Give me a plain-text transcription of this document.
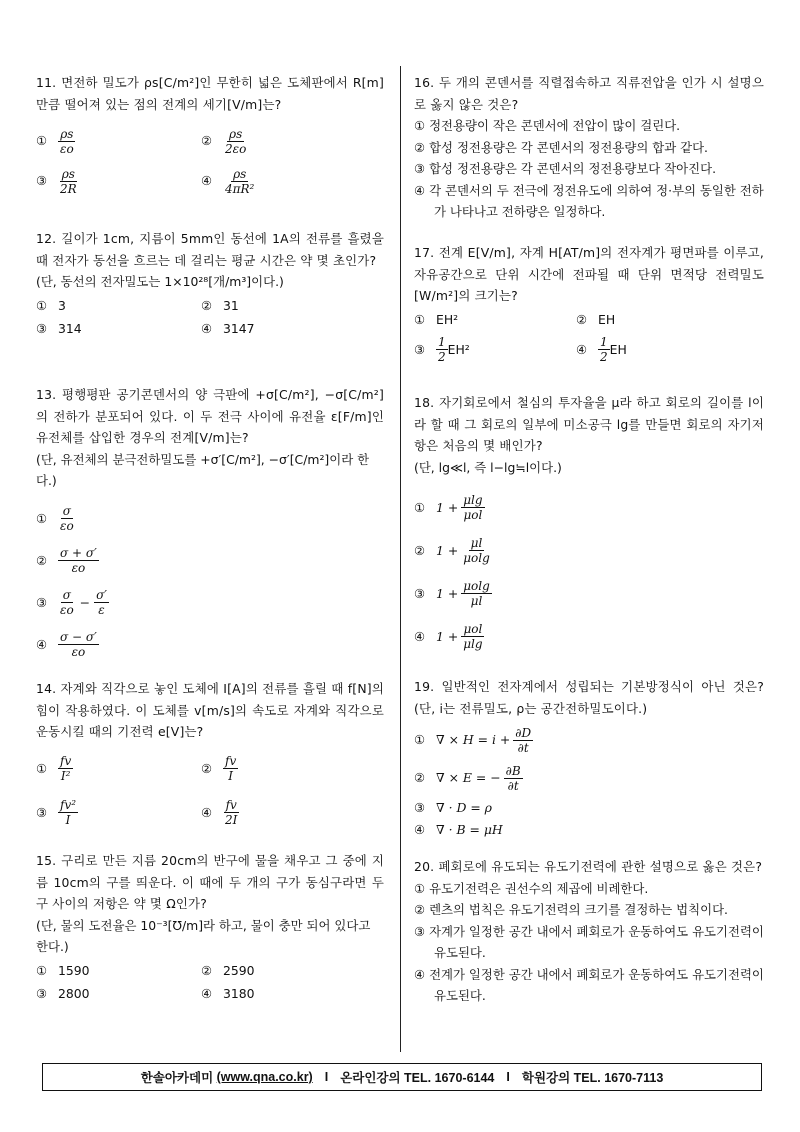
11. 면전하 밀도가 ρs[C/m²]인 무한히 넓은 도체판에서 R[m] 만큼 떨어져 있는 점의 전계의 세기[V/m]는?
① $\frac{\rho s}{\varepsilon o}$	② $\frac{\rho s}{2\varepsilon o}$
③ $\frac{\rho s}{2R}$	④ $\frac{\rho s}{\text{4πR²}}$
12. 길이가 1cm, 지름이 5mm인 동선에 1A의 전류를 흘렸을 때 전자가 동선을 흐르는 데 걸리는 평균 시간은 약 몇 초인가?
(단, 동선의 전자밀도는 1×10²⁸[개/m³]이다.)
① 3	② 31
③ 314	④ 3147
13. 평행평판 공기콘덴서의 양 극판에 +σ[C/m²], −σ[C/m²]의 전하가 분포되어 있다. 이 두 전극 사이에 유전율 ε[F/m]인 유전체를 삽입한 경우의 전계[V/m]는?
(단, 유전체의 분극전하밀도를 +σ′[C/m²], −σ′[C/m²]이라 한다.)
① $\frac{\sigma}{\varepsilon o}$
② $\frac{\sigma + \sigma'}{\varepsilon o}$
③ $\frac{\sigma}{\varepsilon o} - \frac{\sigma'}{\varepsilon}$
④ $\frac{\sigma - \sigma'}{\varepsilon o}$
14. 자계와 직각으로 놓인 도체에 I[A]의 전류를 흘릴 때 f[N]의 힘이 작용하였다. 이 도체를 v[m/s]의 속도로 자계와 직각으로 운동시킬 때의 기전력 e[V]는?
① $\frac{fv}{\text{I²}}$	② $\frac{fv}{I}$
③ $\frac{\text{fv²}}{I}$	④ $\frac{fv}{2I}$
15. 구리로 만든 지름 20cm의 반구에 물을 채우고 그 중에 지름 10cm의 구를 띄운다. 이 때에 두 개의 구가 동심구라면 두 구 사이의 저항은 약 몇 Ω인가?
(단, 물의 도전율은 10⁻³[℧/m]라 하고, 물이 충만 되어 있다고 한다.)
① 1590	② 2590
③ 2800	④ 3180
16. 두 개의 콘덴서를 직렬접속하고 직류전압을 인가 시 설명으로 옳지 않은 것은?
① 정전용량이 작은 콘덴서에 전압이 많이 걸린다.
② 합성 정전용량은 각 콘덴서의 정전용량의 합과 같다.
③ 합성 정전용량은 각 콘덴서의 정전용량보다 작아진다.
④ 각 콘덴서의 두 전극에 정전유도에 의하여 정·부의 동일한 전하가 나타나고 전하량은 일정하다.
17. 전계 E[V/m], 자계 H[AT/m]의 전자계가 평면파를 이루고, 자유공간으로 단위 시간에 전파될 때 단위 면적당 전력밀도[W/m²]의 크기는?
① EH²	② EH
③ $\frac{1}{2} EH^2$	④ $\frac{1}{2}$ EH
18. 자기회로에서 철심의 투자율을 μ라 하고 회로의 길이를 l이라 할 때 그 회로의 일부에 미소공극 lg를 만들면 회로의 자기저항은 처음의 몇 배인가?
(단, lg≪l, 즉 l−lg≒l이다.)
① $1 + \frac{\mu\lg}{\text{μol}}$
② $1 + \frac{\mu l}{\mu olg}$
③ $1 + \frac{\mu olg}{\mu l}$
④ $1 + \frac{\text{μol}}{\mu\lg}$
19. 일반적인 전자계에서 성립되는 기본방정식이 아닌 것은? (단, i는 전류밀도, ρ는 공간전하밀도이다.)
① ∇ × $H = i + \frac{\partial D}{\partial t}$
② ∇ × E = − $\frac{\partial B}{\partial t}$
③ ∇ · D = ρ
④ ∇ · B = μH
20. 폐회로에 유도되는 유도기전력에 관한 설명으로 옳은 것은?
① 유도기전력은 권선수의 제곱에 비례한다.
② 렌츠의 법칙은 유도기전력의 크기를 결정하는 법칙이다.
③ 자계가 일정한 공간 내에서 폐회로가 운동하여도 유도기전력이 유도된다.
④ 전계가 일정한 공간 내에서 폐회로가 운동하여도 유도기전력이 유도된다.
한솔아카데미
(www.qna.co.kr) I 온라인강의 TEL. 1670-6144 I 학원강의 TEL. 1670-7113
